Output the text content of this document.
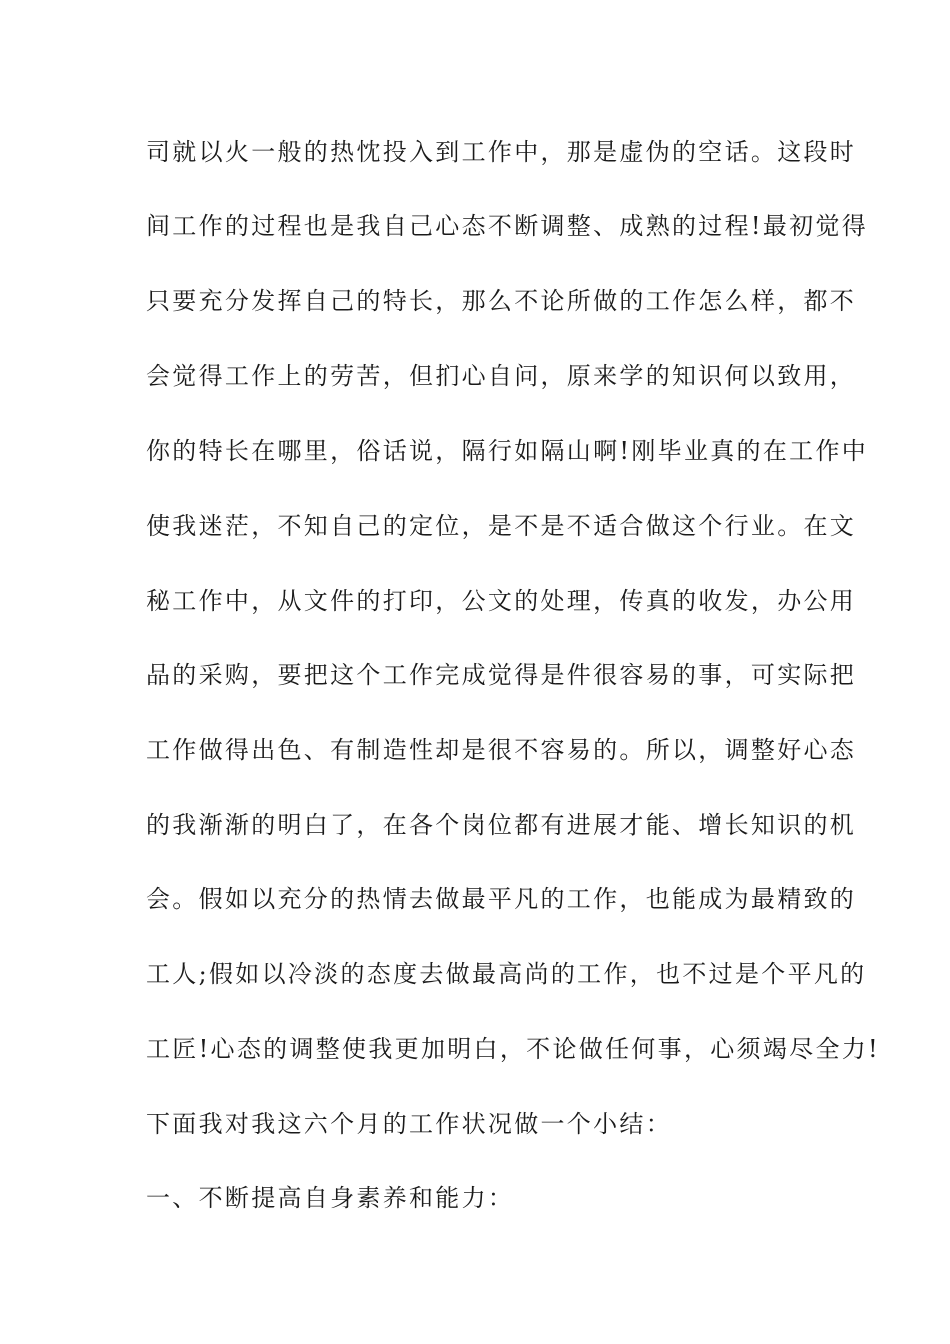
司就以火一般的热忱投入到工作中，那是虚伪的空话。这段时
间工作的过程也是我自己心态不断调整、成熟的过程!最初觉得
只要充分发挥自己的特长，那么不论所做的工作怎么样，都不
会觉得工作上的劳苦，但扪心自问，原来学的知识何以致用，
你的特长在哪里，俗话说，隔行如隔山啊!刚毕业真的在工作中
使我迷茫，不知自己的定位，是不是不适合做这个行业。在文
秘工作中，从文件的打印，公文的处理，传真的收发，办公用
品的采购，要把这个工作完成觉得是件很容易的事，可实际把
工作做得出色、有制造性却是很不容易的。所以，调整好心态
的我渐渐的明白了，在各个岗位都有进展才能、增长知识的机
会。假如以充分的热情去做最平凡的工作，也能成为最精致的
工人;假如以冷淡的态度去做最高尚的工作，也不过是个平凡的
工匠!心态的调整使我更加明白，不论做任何事，心须竭尽全力!
下面我对我这六个月的工作状况做一个小结：
一、不断提高自身素养和能力：
